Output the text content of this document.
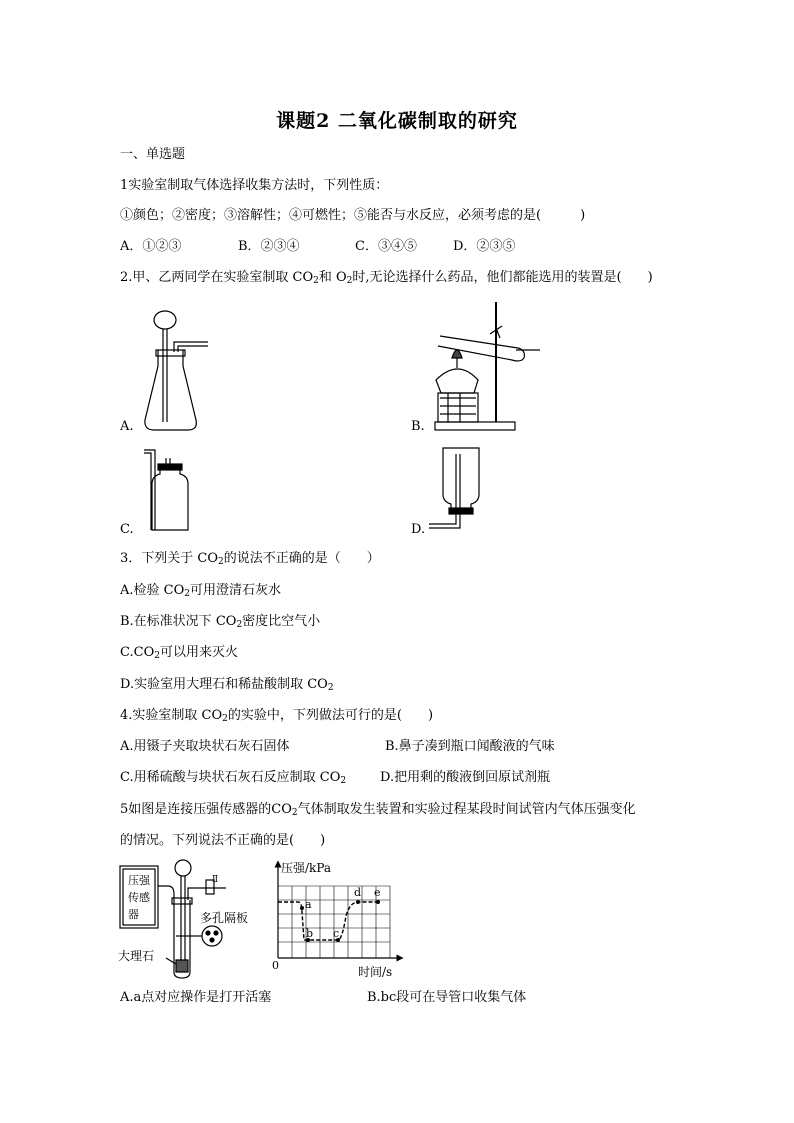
课题2 二氧化碳制取的研究
一、单选题
1实验室制取气体选择收集方法时，下列性质：
①颜色；②密度；③溶解性；④可燃性；⑤能否与水反应，必须考虑的是(　　　)
A．①②③	B．②③④	C．③④⑤	D．②③⑤
2.甲、乙两同学在实验室制取 $CO_2$和 $O_2$时,无论选择什么药品，他们都能选用的装置是(　　)
A.	B.
C.	D.
3．下列关于 $CO_2$的说法不正确的是（　　）
A.检验 $CO_2$可用澄清石灰水
B.在标准状况下 $CO_2$密度比空气小
$C.CO_2$可以用来灭火
D.实验室用大理石和稀盐酸制取 $CO_2$
4.实验室制取 $CO_2$的实验中，下列做法可行的是(　　)
A.用镊子夹取块状石灰石固体	B.鼻子凑到瓶口闻酸液的气味
C.用稀硫酸与块状石灰石反应制取 $CO_2$	D.把用剩的酸液倒回原试剂瓶
5如图是连接压强传感器的$CO_2$气体制取发生装置和实验过程某段时间试管内气体压强变化
的情况。下列说法不正确的是(　　)
压强
传感
器
Ⅱ
多孔隔板
大理石
压强/kPa
a
b c
d e
0	时间/s
A.a点对应操作是打开活塞	B.bc段可在导管口收集气体
